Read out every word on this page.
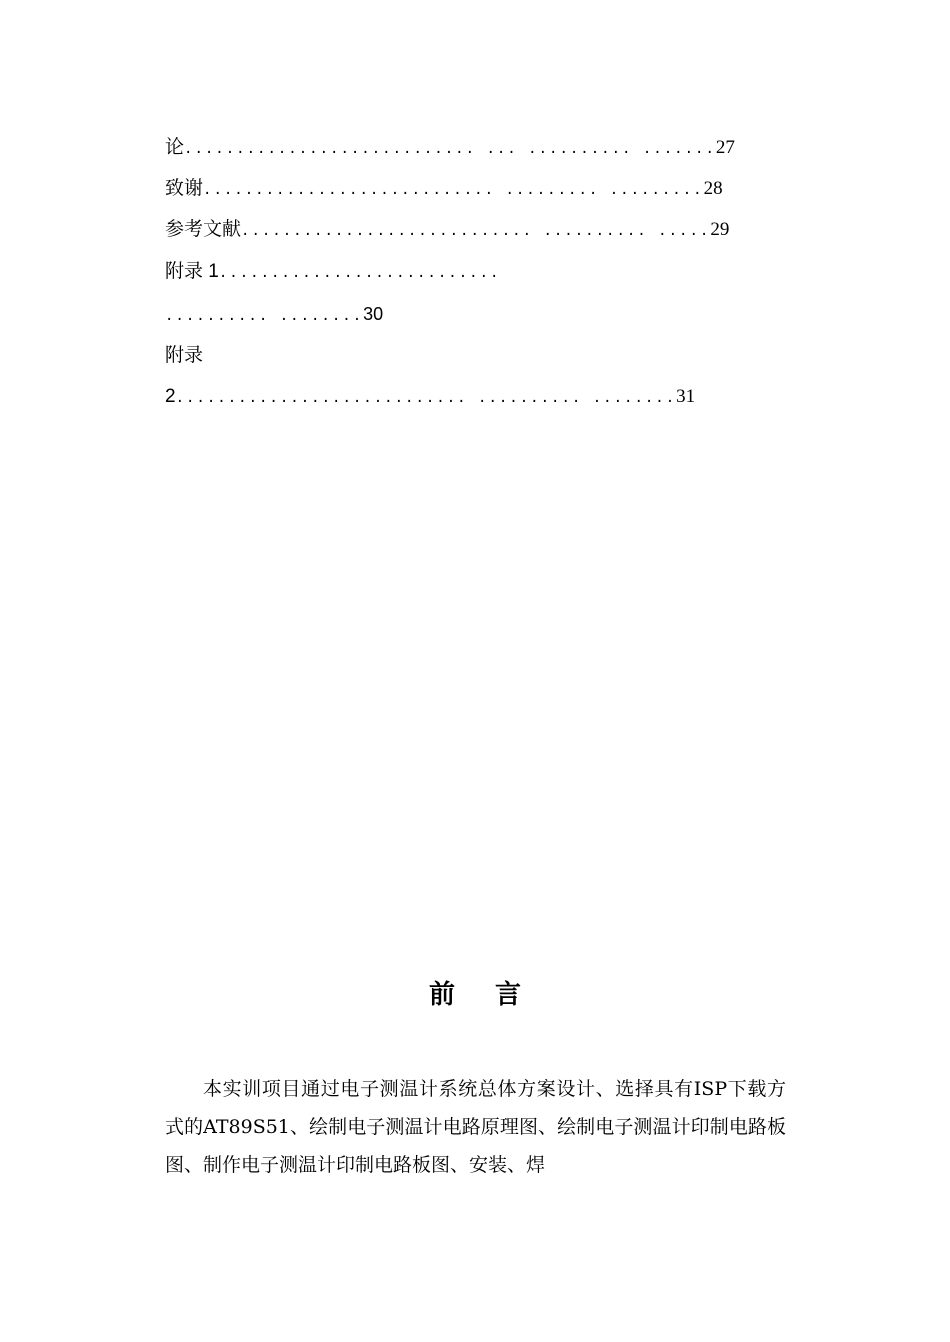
论............................ ... .......... .......27

致谢............................ ......... .........28

参考文献............................ .......... .....29

附录 1...........................

.......... ........30

附录

2............................ .......... ........31

前言

本实训项目通过电子测温计系统总体方案设计、选择具有ISP下载方式的AT89S51、绘制电子测温计电路原理图、绘制电子测温计印制电路板图、制作电子测温计印制电路板图、安装、焊
